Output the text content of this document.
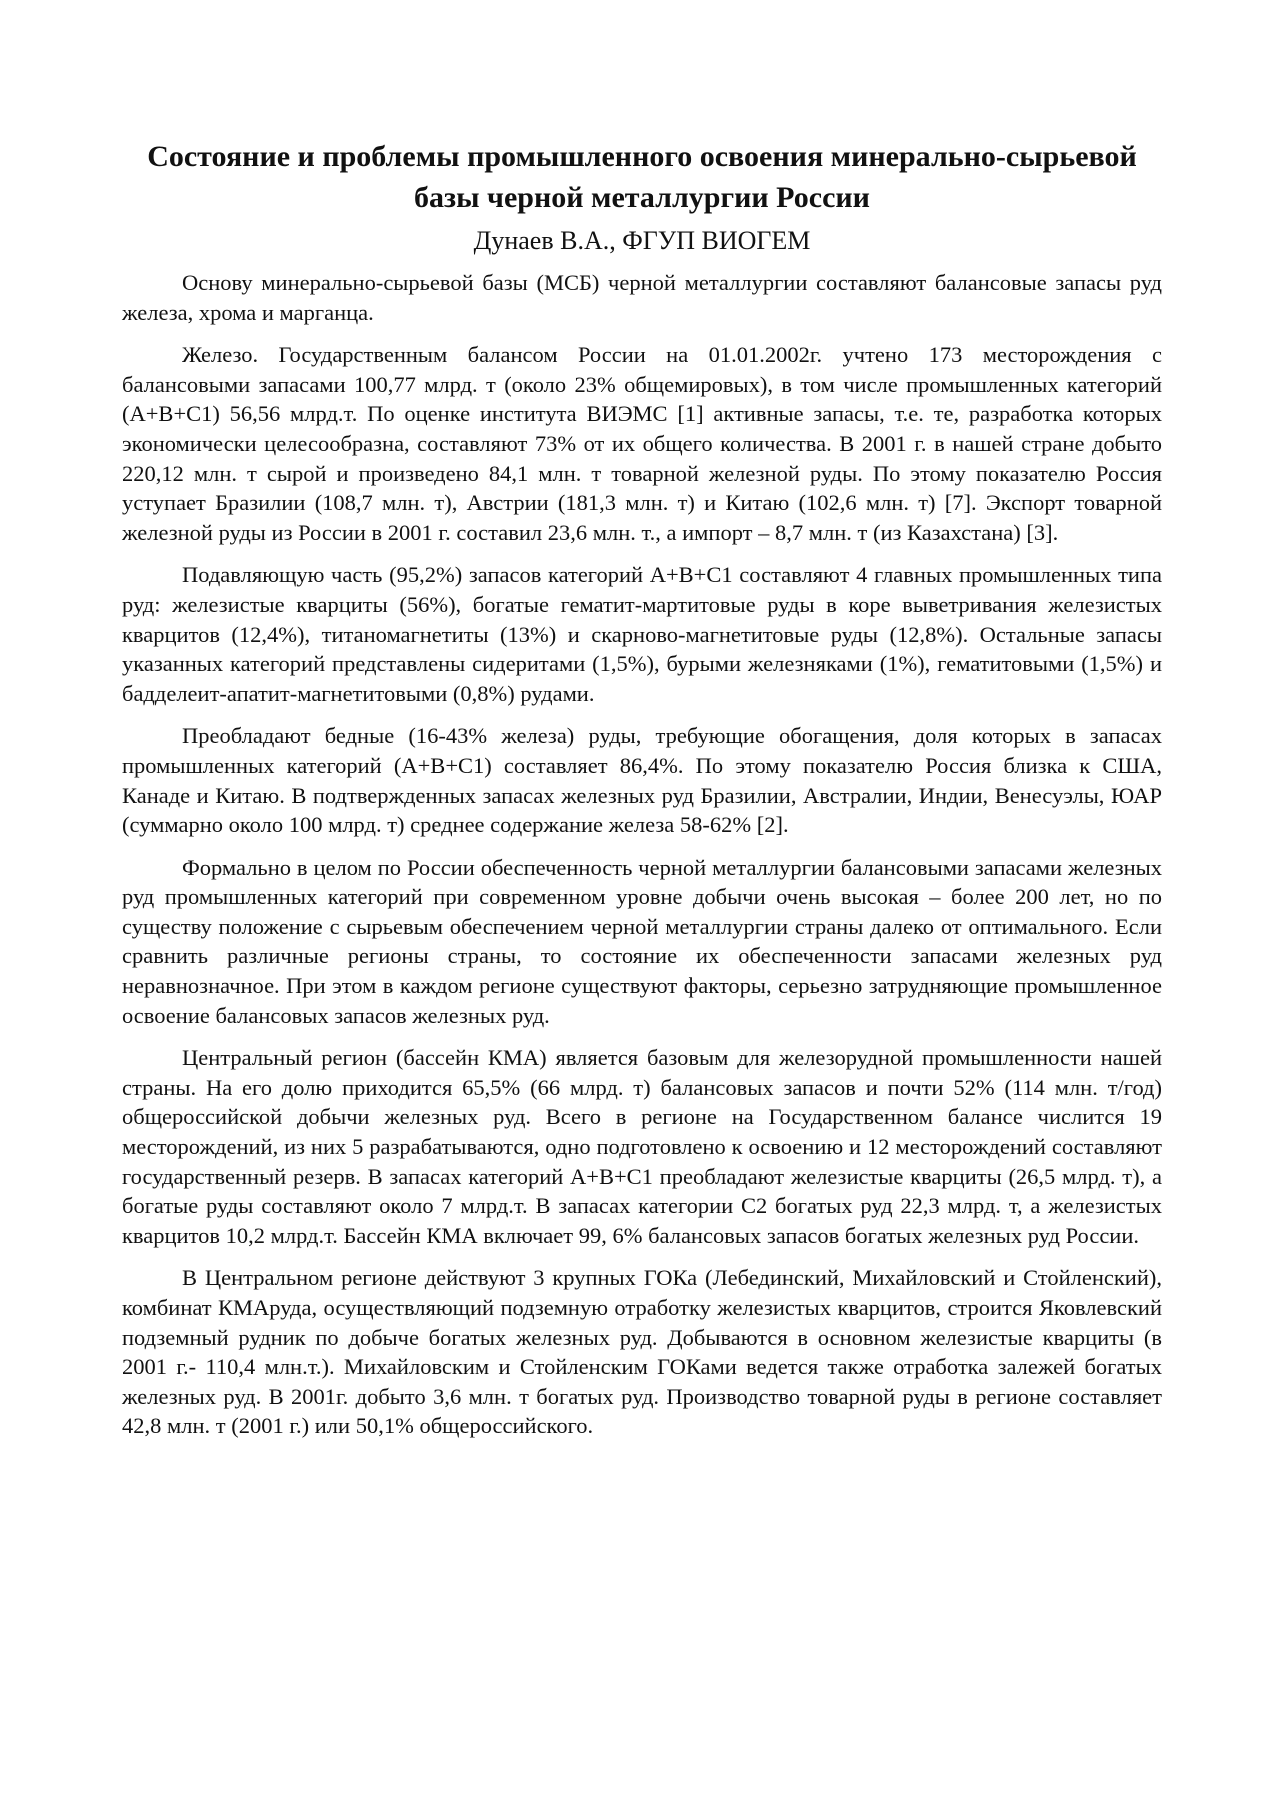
Состояние и проблемы промышленного освоения минерально-сырьевой базы черной металлургии России
Дунаев В.А., ФГУП ВИОГЕМ

Основу минерально-сырьевой базы (МСБ) черной металлургии составляют балансовые запасы руд железа, хрома и марганца.

Железо. Государственным балансом России на 01.01.2002г. учтено 173 месторождения с балансовыми запасами 100,77 млрд. т (около 23% общемировых), в том числе промышленных категорий (А+В+С1) 56,56 млрд.т. По оценке института ВИЭМС [1] активные запасы, т.е. те, разработка которых экономически целесообразна, составляют 73% от их общего количества. В 2001 г. в нашей стране добыто 220,12 млн. т сырой и произведено 84,1 млн. т товарной железной руды. По этому показателю Россия уступает Бразилии (108,7 млн. т), Австрии (181,3 млн. т) и Китаю (102,6 млн. т) [7]. Экспорт товарной железной руды из России в 2001 г. составил 23,6 млн. т., а импорт – 8,7 млн. т (из Казахстана) [3].

Подавляющую часть (95,2%) запасов категорий А+В+С1 составляют 4 главных промышленных типа руд: железистые кварциты (56%), богатые гематит-мартитовые руды в коре выветривания железистых кварцитов (12,4%), титаномагнетиты (13%) и скарново-магнетитовые руды (12,8%). Остальные запасы указанных категорий представлены сидеритами (1,5%), бурыми железняками (1%), гематитовыми (1,5%) и бадделеит-апатит-магнетитовыми (0,8%) рудами.

Преобладают бедные (16-43% железа) руды, требующие обогащения, доля которых в запасах промышленных категорий (А+В+С1) составляет 86,4%. По этому показателю Россия близка к США, Канаде и Китаю. В подтвержденных запасах железных руд Бразилии, Австралии, Индии, Венесуэлы, ЮАР (суммарно около 100 млрд. т) среднее содержание железа 58-62% [2].

Формально в целом по России обеспеченность черной металлургии балансовыми запасами железных руд промышленных категорий при современном уровне добычи очень высокая – более 200 лет, но по существу положение с сырьевым обеспечением черной металлургии страны далеко от оптимального. Если сравнить различные регионы страны, то состояние их обеспеченности запасами железных руд неравнозначное. При этом в каждом регионе существуют факторы, серьезно затрудняющие промышленное освоение балансовых запасов железных руд.

Центральный регион (бассейн КМА) является базовым для железорудной промышленности нашей страны. На его долю приходится 65,5% (66 млрд. т) балансовых запасов и почти 52% (114 млн. т/год) общероссийской добычи железных руд. Всего в регионе на Государственном балансе числится 19 месторождений, из них 5 разрабатываются, одно подготовлено к освоению и 12 месторождений составляют государственный резерв. В запасах категорий А+В+С1 преобладают железистые кварциты (26,5 млрд. т), а богатые руды составляют около 7 млрд.т. В запасах категории С2 богатых руд 22,3 млрд. т, а железистых кварцитов 10,2 млрд.т. Бассейн КМА включает 99, 6% балансовых запасов богатых железных руд России.

В Центральном регионе действуют 3 крупных ГОКа (Лебединский, Михайловский и Стойленский), комбинат КМАруда, осуществляющий подземную отработку железистых кварцитов, строится Яковлевский подземный рудник по добыче богатых железных руд. Добываются в основном железистые кварциты (в 2001 г.- 110,4 млн.т.). Михайловским и Стойленским ГОКами ведется также отработка залежей богатых железных руд. В 2001г. добыто 3,6 млн. т богатых руд. Производство товарной руды в регионе составляет 42,8 млн. т (2001 г.) или 50,1% общероссийского.
